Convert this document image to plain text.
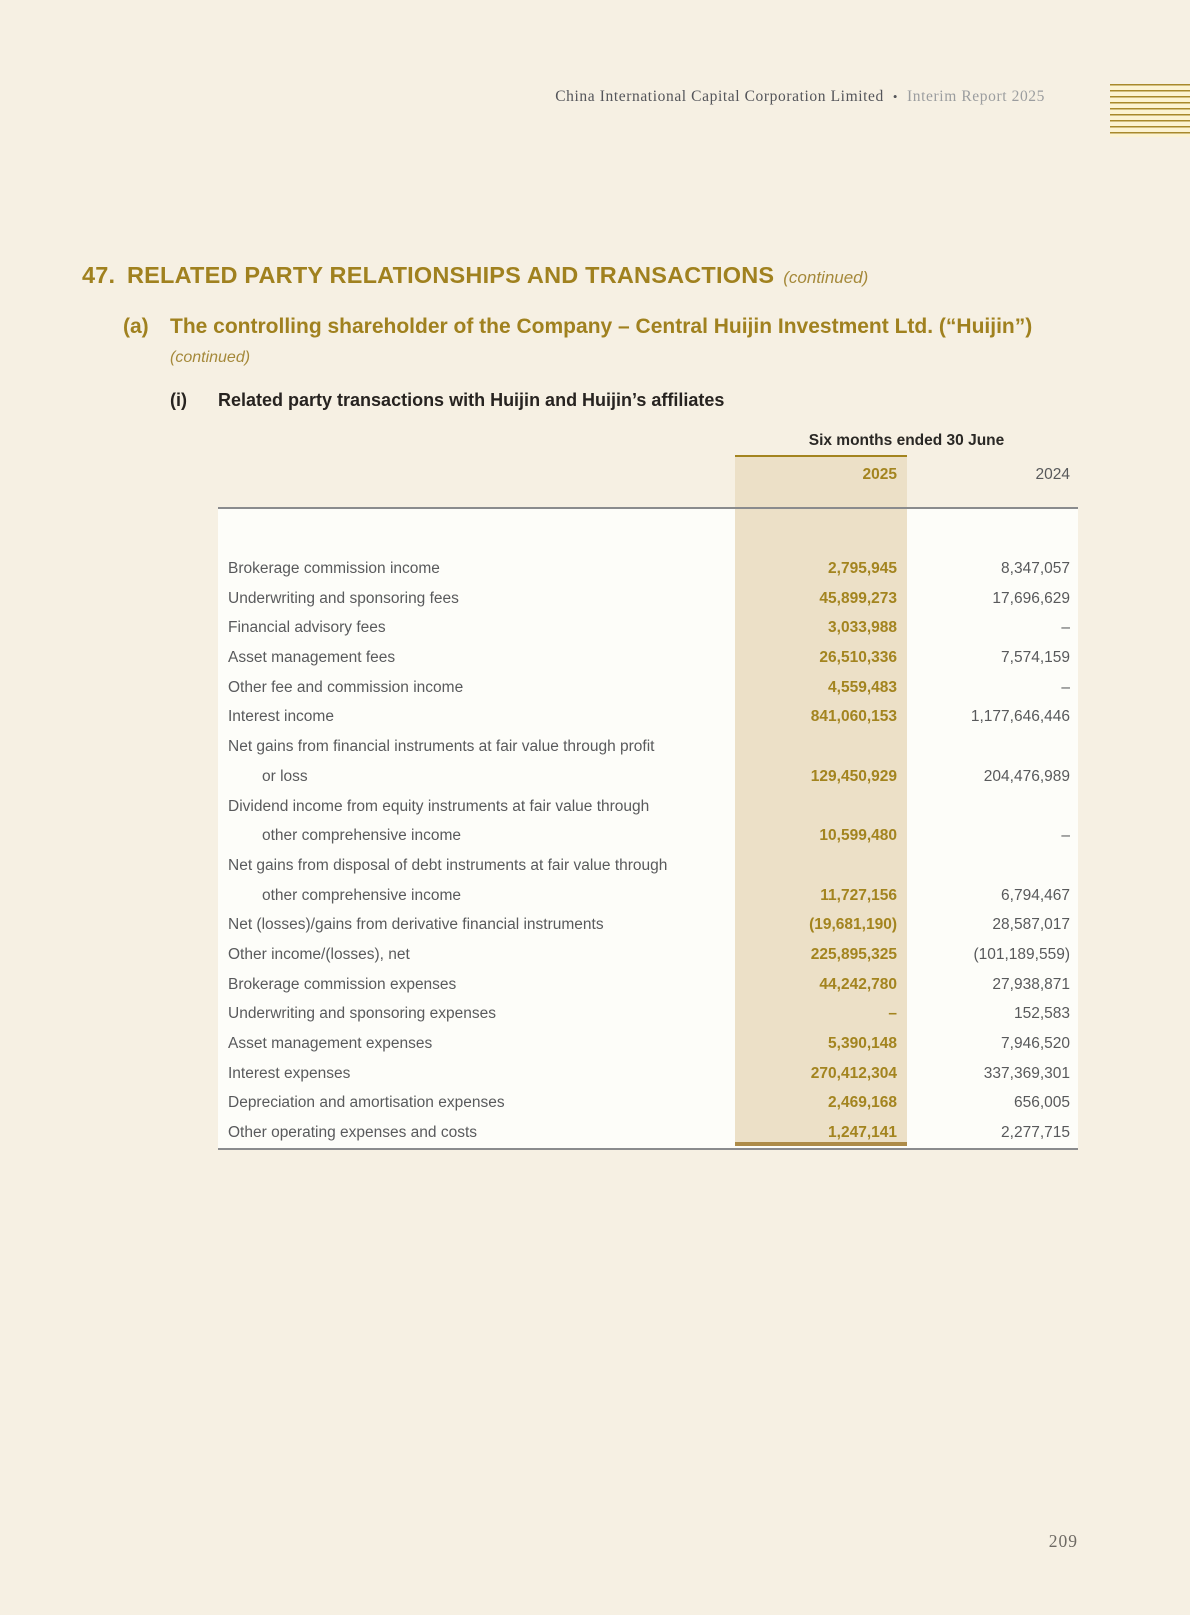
China International Capital Corporation Limited • Interim Report 2025
47. RELATED PARTY RELATIONSHIPS AND TRANSACTIONS (continued)
(a) The controlling shareholder of the Company – Central Huijin Investment Ltd. (“Huijin”)
(continued)
(i) Related party transactions with Huijin and Huijin’s affiliates
Six months ended 30 June
2025	2024
Brokerage commission income	2,795,945	8,347,057
Underwriting and sponsoring fees	45,899,273	17,696,629
Financial advisory fees	3,033,988	–
Asset management fees	26,510,336	7,574,159
Other fee and commission income	4,559,483	–
Interest income	841,060,153	1,177,646,446
Net gains from financial instruments at fair value through profit
or loss	129,450,929	204,476,989
Dividend income from equity instruments at fair value through
other comprehensive income	10,599,480	–
Net gains from disposal of debt instruments at fair value through
other comprehensive income	11,727,156	6,794,467
Net (losses)/gains from derivative financial instruments	(19,681,190)	28,587,017
Other income/(losses), net	225,895,325	(101,189,559)
Brokerage commission expenses	44,242,780	27,938,871
Underwriting and sponsoring expenses	–	152,583
Asset management expenses	5,390,148	7,946,520
Interest expenses	270,412,304	337,369,301
Depreciation and amortisation expenses	2,469,168	656,005
Other operating expenses and costs	1,247,141	2,277,715
209
